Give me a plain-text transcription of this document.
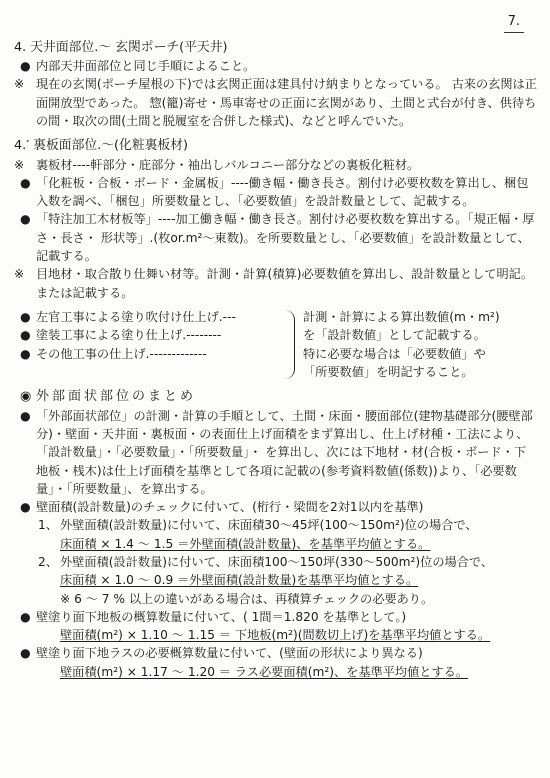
7.

4. 天井面部位.～ 玄関ポーチ(平天井)

● 内部天井面部位と同じ手順によること。

※ 現在の玄関(ポーチ屋根の下)では玄関正面は建具付け納まりとなっている。 古来の玄関は正面開放型であった。 惣(籠)寄せ・馬車寄せの正面に玄関があり、土間と式台が付き、供待ちの間・取次の間(土間と脱履室を合併した様式)、などと呼んでいた。

4.′ 裏板面部位.～(化粧裏板材)

※ 裏板材----軒部分・庇部分・袖出しバルコニー部分などの裏板化粧材。

● 「化粧板・合板・ボード・金属板」----働き幅・働き長さ。割付け必要枚数を算出し、梱包入数を調べ、「梱包」所要数量とし、「必要数値」を設計数量として、記載する。

● 「特注加工木材板等」----加工働き幅・働き長さ。割付け必要枚数を算出する。「規正幅・厚さ・長さ・ 形状等」.(枚or.m²～東数)。を所要数量とし、「必要数値」を設計数量として、記載する。

※ 目地材・取合散り仕舞い材等。計測・計算(積算)必要数値を算出し、設計数量として明記。または記載する。

● 左官工事による塗り吹付け仕上げ.---

● 塗装工事による塗り仕上げ.--------

● その他工事の仕上げ.-------------

計測・計算による算出数値(m・m²)
を「設計数値」として記載する。
特に必要な場合は「必要数値」や
「所要数値」を明記すること。

◉ 外部面状部位のまとめ

● 「外部面状部位」の計測・計算の手順として、土間・床面・腰面部位(建物基礎部分(腰壁部分)・壁面・天井面・裏板面・の表面仕上げ面積をまず算出し、仕上げ材種・工法により、「設計数量」・「必要数量」・「所要数量」・ を算出し、次には下地材・材(合板・ボード・下地板・桟木)は仕上げ面積を基準として各項に記載の(参考資料数値(係数))より、「必要数量」・「所要数量」、を算出する。

● 壁面積(設計数量)のチェックに付いて、(桁行・梁間を2対1以内を基準)

1、 外壁面積(設計数量)に付いて、床面積30～45坪(100～150m²)位の場合で、
床面積 × 1.4 ～ 1.5 ＝外壁面積(設計数量)、を基準平均値とする。

2、 外壁面積(設計数量)に付いて、床面積100～150坪(330～500m²)位の場合で、
床面積 × 1.0 ～ 0.9 ＝外壁面積(設計数量)を基準平均値とする。

※ 6 ～ 7 % 以上の違いがある場合は、再積算チェックの必要あり。

● 壁塗り面下地板の概算数量に付いて、( 1間＝1.820 を基準として。)

壁面積(m²) × 1.10 ～ 1.15 ＝ 下地板(m²)(間数切上げ)を基準平均値とする。

● 壁塗り面下地ラスの必要概算数量に付いて、(壁面の形状により異なる)

壁面積(m²) × 1.17 ～ 1.20 ＝ ラス必要面積(m²)、を基準平均値とする。
